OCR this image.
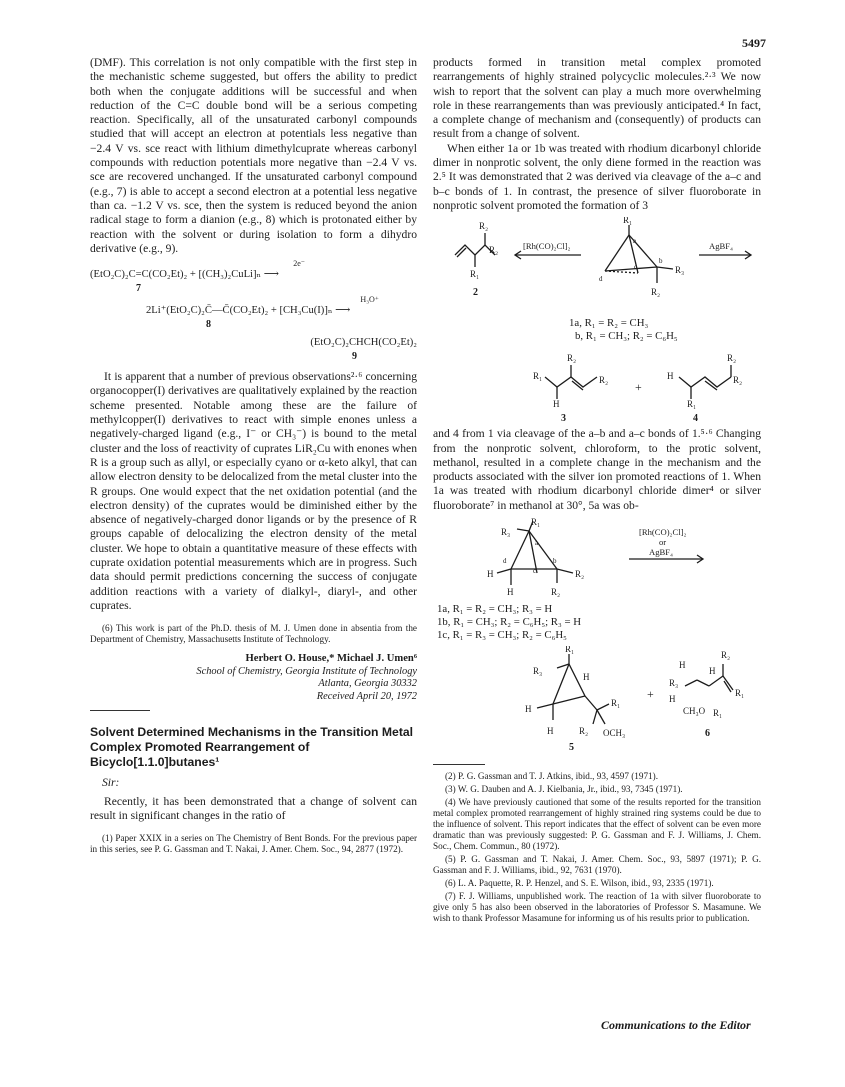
5497

(DMF). This correlation is not only compatible with the first step in the mechanistic scheme suggested, but offers the ability to predict both when the conjugate additions will be successful and when reduction of the C=C double bond will be a serious competing reaction. Specifically, all of the unsaturated carbonyl compounds studied that will accept an electron at potentials less negative than −2.4 V vs. sce react with lithium dimethylcuprate whereas carbonyl compounds with reduction potentials more negative than −2.4 V vs. sce are recovered unchanged. If the unsaturated carbonyl compound (e.g., 7) is able to accept a second electron at a potential less negative than ca. −1.2 V vs. sce, then the system is reduced beyond the anion radical stage to form a dianion (e.g., 8) which is protonated either by reaction with the solvent or during isolation to form a dihydro derivative (e.g., 9).

2e⁻
(EtO₂C)₂C=C(CO₂Et)₂ + [(CH₃)₂CuLi]ₙ ⟶
7
H₃O⁺
2Li⁺(EtO₂C)₂C̄—C̄(CO₂Et)₂ + [CH₃Cu(I)]ₙ ⟶
8
(EtO₂C)₂CHCH(CO₂Et)₂
9

It is apparent that a number of previous observations²·⁶ concerning organocopper(I) derivatives are qualitatively explained by the reaction scheme presented. Notable among these are the failure of methylcopper(I) derivatives to react with simple enones unless a negatively-charged ligand (e.g., I⁻ or CH₃⁻) is bound to the metal cluster and the loss of reactivity of cuprates LiR₂Cu with enones when R is a group such as allyl, or especially cyano or α-keto alkyl, that can allow electron density to be delocalized from the metal cluster into the R groups. One would expect that the net oxidation potential (and the electron density) of the cuprates would be diminished either by the absence of negatively-charged donor ligands or by the presence of R groups capable of delocalizing the electron density of the metal cluster. We hope to obtain a quantitative measure of these effects with cuprate oxidation potential measurements which are in progress. Such data should permit predictions concerning the success of conjugate addition reactions with a variety of dialkyl-, diaryl-, and other cuprates.

(6) This work is part of the Ph.D. thesis of M. J. Umen done in absentia from the Department of Chemistry, Massachusetts Institute of Technology.

Herbert O. House,* Michael J. Umen⁶
School of Chemistry, Georgia Institute of Technology
Atlanta, Georgia 30332
Received April 20, 1972
Solvent Determined Mechanisms in the Transition Metal Complex Promoted Rearrangement of Bicyclo[1.1.0]butanes¹
Sir:

Recently, it has been demonstrated that a change of solvent can result in significant changes in the ratio of

(1) Paper XXIX in a series on The Chemistry of Bent Bonds. For the previous paper in this series, see P. G. Gassman and T. Nakai, J. Amer. Chem. Soc., 94, 2877 (1972).

products formed in transition metal complex promoted rearrangements of highly strained polycyclic molecules.²·³ We now wish to report that the solvent can play a much more overwhelming role in these rearrangements than was previously anticipated.⁴ In fact, a complete change of mechanism and (consequently) of products can result from a change of solvent.

When either 1a or 1b was treated with rhodium dicarbonyl chloride dimer in nonprotic solvent, the only diene formed in the reaction was 2.⁵ It was demonstrated that 2 was derived via cleavage of the a–c and b–c bonds of 1. In contrast, the presence of silver fluoroborate in nonprotic solvent promoted the formation of 3

R₂
R₂
R₁
2
[Rh(CO)₂Cl]₂
R₁
a
c
b
d
R₃
R₂
AgBF₄
1a, R₁ = R₂ = CH₃
b, R₁ = CH₃; R₂ = C₆H₅
R₂
R₁	R₂
H
3
+
H
R₂
R₂
R₁
4

and 4 from 1 via cleavage of the a–b and a–c bonds of 1.⁵·⁶ Changing from the nonprotic solvent, chloroform, to the protic solvent, methanol, resulted in a complete change in the mechanism and the products associated with the silver ion promoted reactions of 1. When 1a was treated with rhodium dicarbonyl chloride dimer⁴ or silver fluoroborate⁷ in methanol at 30°, 5a was ob-

R₃
R₁
a
c
b
d
H	R₂
H	R₂
[Rh(CO)₂Cl]₂
or
AgBF₄
1a, R₁ = R₂ = CH₃; R₃ = H
1b, R₁ = CH₃; R₂ = C₆H₅; R₃ = H
1c, R₁ = R₃ = CH₃; R₂ = C₆H₅
R₃
R₁
H
H
H
R₁
R₂ OCH₃
5
+
R₃
H
H
H
R₂
R₁
CH₃O R₁
6

(2) P. G. Gassman and T. J. Atkins, ibid., 93, 4597 (1971).

(3) W. G. Dauben and A. J. Kielbania, Jr., ibid., 93, 7345 (1971).

(4) We have previously cautioned that some of the results reported for the transition metal complex promoted rearrangement of highly strained ring systems could be due to the influence of solvent. This report indicates that the effect of solvent can be even more dramatic than was previously suggested: P. G. Gassman and F. J. Williams, J. Chem. Soc., Chem. Commun., 80 (1972).

(5) P. G. Gassman and T. Nakai, J. Amer. Chem. Soc., 93, 5897 (1971); P. G. Gassman and F. J. Williams, ibid., 92, 7631 (1970).

(6) L. A. Paquette, R. P. Henzel, and S. E. Wilson, ibid., 93, 2335 (1971).

(7) F. J. Williams, unpublished work. The reaction of 1a with silver fluoroborate to give only 5 has also been observed in the laboratories of Professor S. Masamune. We wish to thank Professor Masamune for informing us of his results prior to publication.

Communications to the Editor
